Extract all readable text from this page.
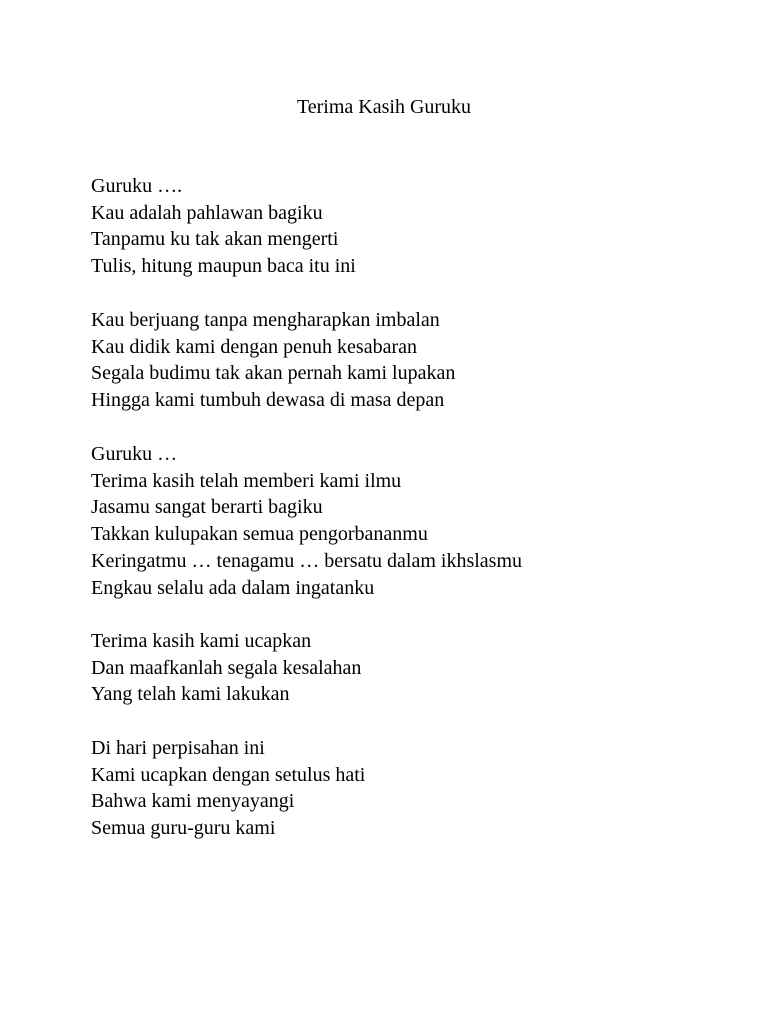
Terima Kasih Guruku
Guruku ….
Kau adalah pahlawan bagiku
Tanpamu ku tak akan mengerti
Tulis, hitung maupun baca itu ini
Kau berjuang tanpa mengharapkan imbalan
Kau didik kami dengan penuh kesabaran
Segala budimu tak akan pernah kami lupakan
Hingga kami tumbuh dewasa di masa depan
Guruku …
Terima kasih telah memberi kami ilmu
Jasamu sangat berarti bagiku
Takkan kulupakan semua pengorbananmu
Keringatmu … tenagamu … bersatu dalam ikhslasmu
Engkau selalu ada dalam ingatanku
Terima kasih kami ucapkan
Dan maafkanlah segala kesalahan
Yang telah kami lakukan
Di hari perpisahan ini
Kami ucapkan dengan setulus hati
Bahwa kami menyayangi
Semua guru-guru kami
